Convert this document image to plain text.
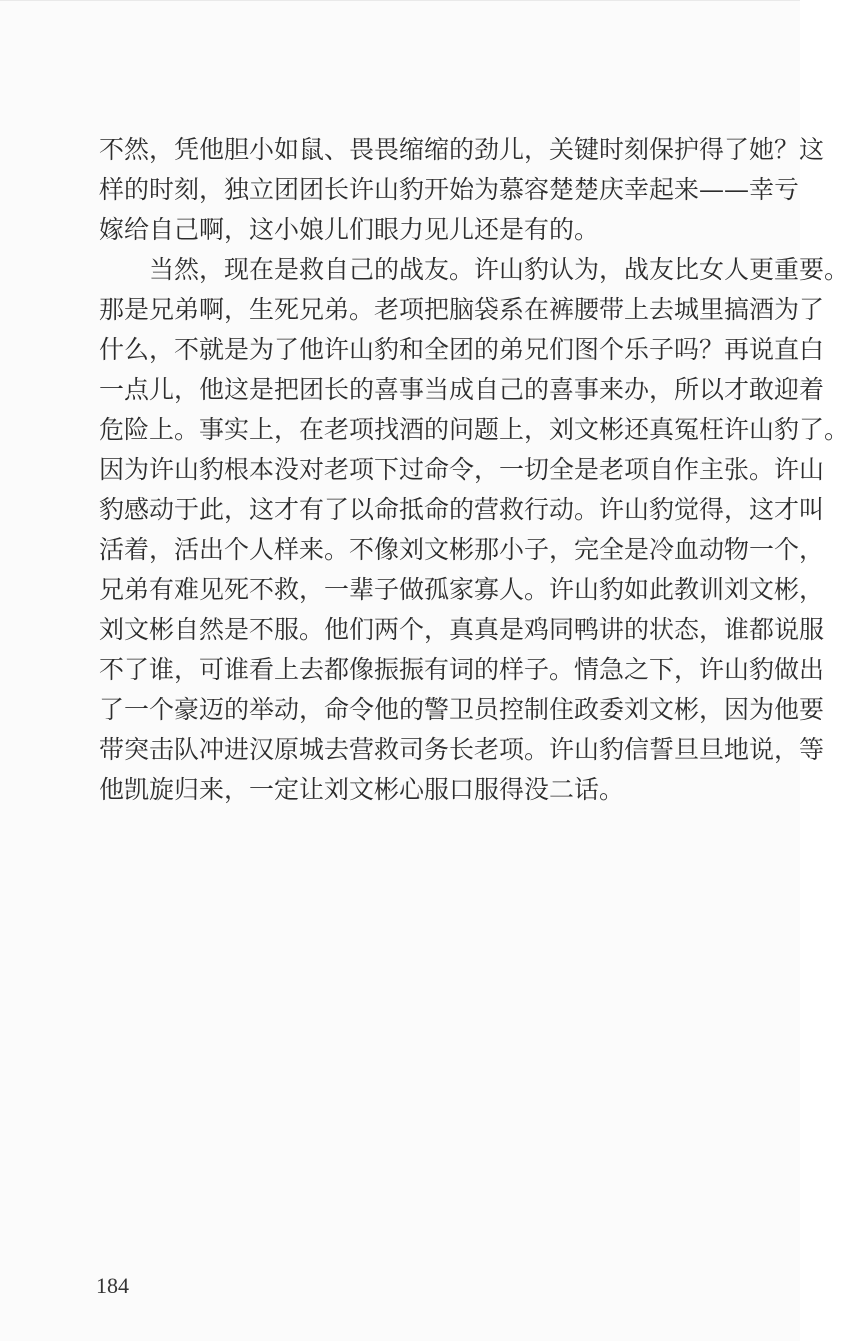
不然，凭他胆小如鼠、畏畏缩缩的劲儿，关键时刻保护得了她？这
样的时刻，独立团团长许山豹开始为慕容楚楚庆幸起来——幸亏
嫁给自己啊，这小娘儿们眼力见儿还是有的。
　　当然，现在是救自己的战友。许山豹认为，战友比女人更重要。
那是兄弟啊，生死兄弟。老项把脑袋系在裤腰带上去城里搞酒为了
什么，不就是为了他许山豹和全团的弟兄们图个乐子吗？再说直白
一点儿，他这是把团长的喜事当成自己的喜事来办，所以才敢迎着
危险上。事实上，在老项找酒的问题上，刘文彬还真冤枉许山豹了。
因为许山豹根本没对老项下过命令，一切全是老项自作主张。许山
豹感动于此，这才有了以命抵命的营救行动。许山豹觉得，这才叫
活着，活出个人样来。不像刘文彬那小子，完全是冷血动物一个，
兄弟有难见死不救，一辈子做孤家寡人。许山豹如此教训刘文彬，
刘文彬自然是不服。他们两个，真真是鸡同鸭讲的状态，谁都说服
不了谁，可谁看上去都像振振有词的样子。情急之下，许山豹做出
了一个豪迈的举动，命令他的警卫员控制住政委刘文彬，因为他要
带突击队冲进汉原城去营救司务长老项。许山豹信誓旦旦地说，等
他凯旋归来，一定让刘文彬心服口服得没二话。
184
